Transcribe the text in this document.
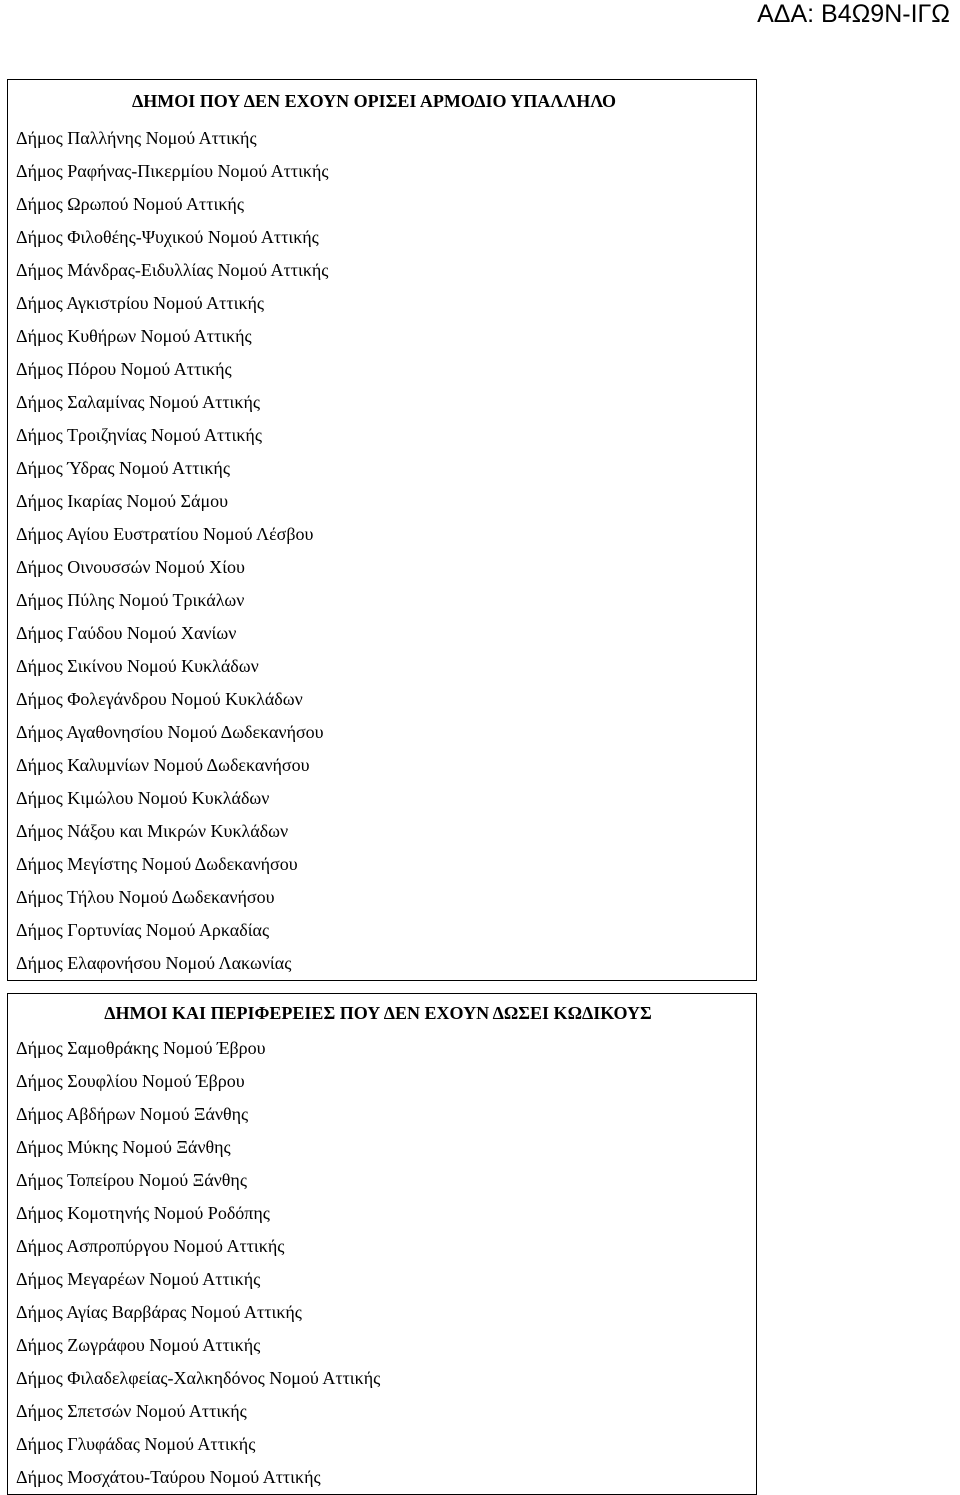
ΑΔΑ: Β4Ω9Ν-ΙΓΩ
ΔΗΜΟΙ ΠΟΥ ΔΕΝ ΕΧΟΥΝ ΟΡΙΣΕΙ ΑΡΜΟΔΙΟ ΥΠΑΛΛΗΛΟ
Δήμος Παλλήνης Νομού Αττικής
Δήμος Ραφήνας-Πικερμίου Νομού Αττικής
Δήμος Ωρωπού Νομού Αττικής
Δήμος Φιλοθέης-Ψυχικού Νομού Αττικής
Δήμος Μάνδρας-Ειδυλλίας Νομού Αττικής
Δήμος Αγκιστρίου Νομού Αττικής
Δήμος Κυθήρων Νομού Αττικής
Δήμος Πόρου Νομού Αττικής
Δήμος Σαλαμίνας Νομού Αττικής
Δήμος Τροιζηνίας Νομού Αττικής
Δήμος Ύδρας Νομού Αττικής
Δήμος Ικαρίας Νομού Σάμου
Δήμος Αγίου Ευστρατίου Νομού Λέσβου
Δήμος Οινουσσών Νομού Χίου
Δήμος Πύλης Νομού Τρικάλων
Δήμος Γαύδου Νομού Χανίων
Δήμος Σικίνου Νομού Κυκλάδων
Δήμος Φολεγάνδρου Νομού Κυκλάδων
Δήμος Αγαθονησίου Νομού Δωδεκανήσου
Δήμος Καλυμνίων Νομού Δωδεκανήσου
Δήμος Κιμώλου Νομού Κυκλάδων
Δήμος Νάξου και Μικρών Κυκλάδων
Δήμος Μεγίστης Νομού Δωδεκανήσου
Δήμος Τήλου Νομού Δωδεκανήσου
Δήμος Γορτυνίας Νομού Αρκαδίας
Δήμος Ελαφονήσου Νομού Λακωνίας
ΔΗΜΟΙ ΚΑΙ ΠΕΡΙΦΕΡΕΙΕΣ ΠΟΥ ΔΕΝ ΕΧΟΥΝ ΔΩΣΕΙ ΚΩΔΙΚΟΥΣ
Δήμος Σαμοθράκης Νομού Έβρου
Δήμος Σουφλίου Νομού Έβρου
Δήμος Αβδήρων Νομού Ξάνθης
Δήμος Μύκης Νομού Ξάνθης
Δήμος Τοπείρου Νομού Ξάνθης
Δήμος Κομοτηνής Νομού Ροδόπης
Δήμος Ασπροπύργου Νομού Αττικής
Δήμος Μεγαρέων Νομού Αττικής
Δήμος Αγίας Βαρβάρας Νομού Αττικής
Δήμος Ζωγράφου Νομού Αττικής
Δήμος Φιλαδελφείας-Χαλκηδόνος Νομού Αττικής
Δήμος Σπετσών Νομού Αττικής
Δήμος Γλυφάδας Νομού Αττικής
Δήμος Μοσχάτου-Ταύρου Νομού Αττικής
